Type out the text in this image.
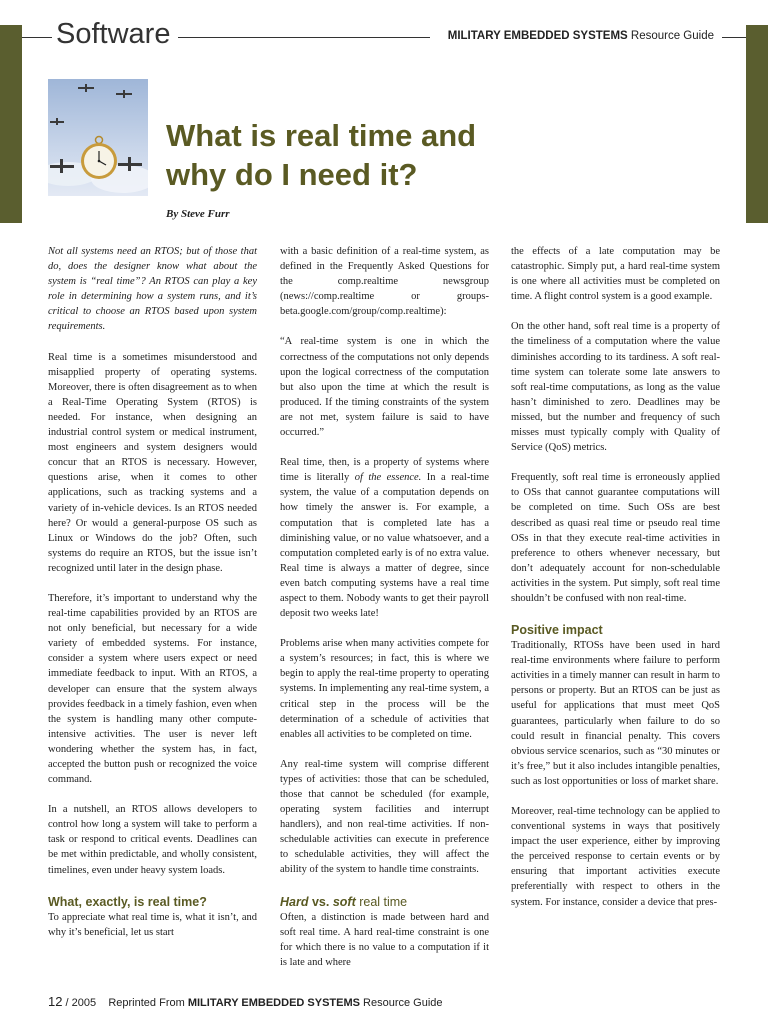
Software	MILITARY EMBEDDED SYSTEMS Resource Guide
What is real time and
why do I need it?
By Steve Furr

Not all systems need an RTOS; but of those that do, does the designer know what about the system is “real time”? An RTOS can play a key role in determining how a system runs, and it’s critical to choose an RTOS based upon system requirements.

Real time is a sometimes misunderstood and misapplied property of operating systems. Moreover, there is often disagreement as to when a Real-Time Operating System (RTOS) is needed. For instance, when designing an industrial control system or medical instrument, most engineers and system designers would concur that an RTOS is necessary. However, questions arise, when it comes to other applications, such as tracking systems and a variety of in-vehicle devices. Is an RTOS needed here? Or would a general-purpose OS such as Linux or Windows do the job? Often, such systems do require an RTOS, but the issue isn’t recognized until later in the design phase.

Therefore, it’s important to understand why the real-time capabilities provided by an RTOS are not only beneficial, but necessary for a wide variety of embedded systems. For instance, consider a system where users expect or need immediate feedback to input. With an RTOS, a developer can ensure that the system always provides feedback in a timely fashion, even when the system is handling many other compute-intensive activities. The user is never left wondering whether the system has, in fact, accepted the button push or recognized the voice command.

In a nutshell, an RTOS allows developers to control how long a system will take to perform a task or respond to critical events. Deadlines can be met within predictable, and wholly consistent, timelines, even under heavy system loads.

What, exactly, is real time?

To appreciate what real time is, what it isn’t, and why it’s beneficial, let us start

with a basic definition of a real-time system, as defined in the Frequently Asked Questions for the comp.realtime newsgroup (news://comp.realtime or groups-beta.google.com/group/comp.realtime):

“A real-time system is one in which the correctness of the computations not only depends upon the logical correctness of the computation but also upon the time at which the result is produced. If the timing constraints of the system are not met, system failure is said to have occurred.”

Real time, then, is a property of systems where time is literally of the essence. In a real-time system, the value of a computation depends on how timely the answer is. For example, a computation that is completed late has a diminishing value, or no value whatsoever, and a computation completed early is of no extra value. Real time is always a matter of degree, since even batch computing systems have a real time aspect to them. Nobody wants to get their payroll deposit two weeks late!

Problems arise when many activities compete for a system’s resources; in fact, this is where we begin to apply the real-time property to operating systems. In implementing any real-time system, a critical step in the process will be the determination of a schedule of activities that enables all activities to be completed on time.

Any real-time system will comprise different types of activities: those that can be scheduled, those that cannot be scheduled (for example, operating system facilities and interrupt handlers), and non real-time activities. If non-schedulable activities can execute in preference to schedulable activities, they will affect the ability of the system to handle time constraints.

Hard vs. soft real time

Often, a distinction is made between hard and soft real time. A hard real-time constraint is one for which there is no value to a computation if it is late and where

the effects of a late computation may be catastrophic. Simply put, a hard real-time system is one where all activities must be completed on time. A flight control system is a good example.

On the other hand, soft real time is a property of the timeliness of a computation where the value diminishes according to its tardiness. A soft real-time system can tolerate some late answers to soft real-time computations, as long as the value hasn’t diminished to zero. Deadlines may be missed, but the number and frequency of such misses must typically comply with Quality of Service (QoS) metrics.

Frequently, soft real time is erroneously applied to OSs that cannot guarantee computations will be completed on time. Such OSs are best described as quasi real time or pseudo real time OSs in that they execute real-time activities in preference to others whenever necessary, but don’t adequately account for non-schedulable activities in the system. Put simply, soft real time shouldn’t be confused with non real-time.

Positive impact

Traditionally, RTOSs have been used in hard real-time environments where failure to perform activities in a timely manner can result in harm to persons or property. But an RTOS can be just as useful for applications that must meet QoS guarantees, particularly when failure to do so could result in financial penalty. This covers obvious service scenarios, such as “30 minutes or it’s free,” but it also includes intangible penalties, such as lost opportunities or loss of market share.

Moreover, real-time technology can be applied to conventional systems in ways that positively impact the user experience, either by improving the perceived response to certain events or by ensuring that important activities execute preferentially with respect to others in the system. For instance, consider a device that pres-

12 / 2005 Reprinted From MILITARY EMBEDDED SYSTEMS Resource Guide
